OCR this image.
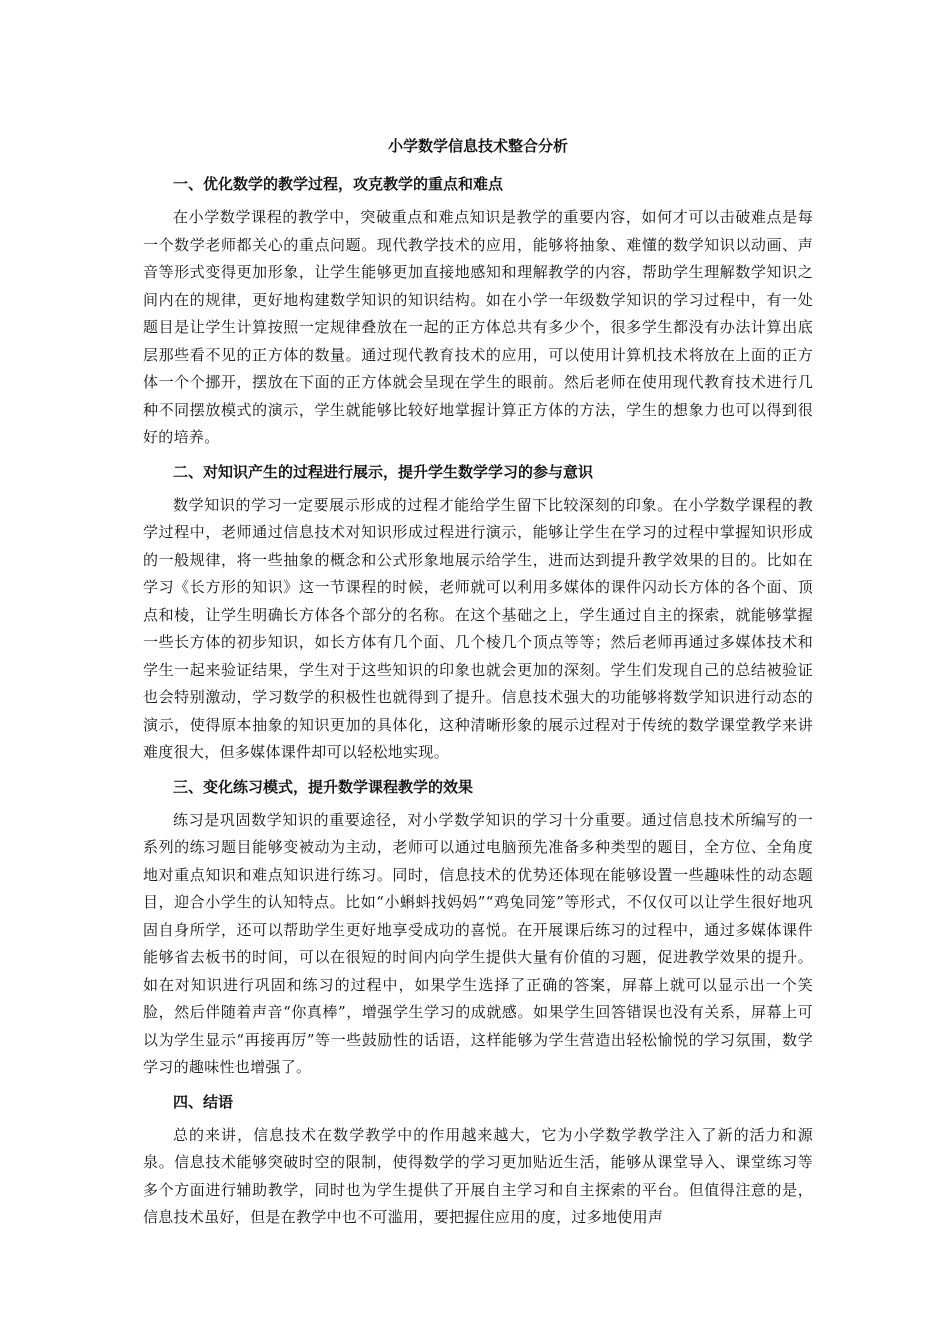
小学数学信息技术整合分析
一、优化数学的教学过程，攻克教学的重点和难点
在小学数学课程的教学中，突破重点和难点知识是教学的重要内容，如何才可以击破难点是每一个数学老师都关心的重点问题。现代教学技术的应用，能够将抽象、难懂的数学知识以动画、声音等形式变得更加形象，让学生能够更加直接地感知和理解教学的内容，帮助学生理解数学知识之间内在的规律，更好地构建数学知识的知识结构。如在小学一年级数学知识的学习过程中，有一处题目是让学生计算按照一定规律叠放在一起的正方体总共有多少个，很多学生都没有办法计算出底层那些看不见的正方体的数量。通过现代教育技术的应用，可以使用计算机技术将放在上面的正方体一个个挪开，摆放在下面的正方体就会呈现在学生的眼前。然后老师在使用现代教育技术进行几种不同摆放模式的演示，学生就能够比较好地掌握计算正方体的方法，学生的想象力也可以得到很好的培养。
二、对知识产生的过程进行展示，提升学生数学学习的参与意识
数学知识的学习一定要展示形成的过程才能给学生留下比较深刻的印象。在小学数学课程的教学过程中，老师通过信息技术对知识形成过程进行演示，能够让学生在学习的过程中掌握知识形成的一般规律，将一些抽象的概念和公式形象地展示给学生，进而达到提升教学效果的目的。比如在学习《长方形的知识》这一节课程的时候，老师就可以利用多媒体的课件闪动长方体的各个面、顶点和棱，让学生明确长方体各个部分的名称。在这个基础之上，学生通过自主的探索，就能够掌握一些长方体的初步知识，如长方体有几个面、几个棱几个顶点等等；然后老师再通过多媒体技术和学生一起来验证结果，学生对于这些知识的印象也就会更加的深刻。学生们发现自己的总结被验证也会特别激动，学习数学的积极性也就得到了提升。信息技术强大的功能够将数学知识进行动态的演示，使得原本抽象的知识更加的具体化，这种清晰形象的展示过程对于传统的数学课堂教学来讲难度很大，但多媒体课件却可以轻松地实现。
三、变化练习模式，提升数学课程教学的效果
练习是巩固数学知识的重要途径，对小学数学知识的学习十分重要。通过信息技术所编写的一系列的练习题目能够变被动为主动，老师可以通过电脑预先准备多种类型的题目，全方位、全角度地对重点知识和难点知识进行练习。同时，信息技术的优势还体现在能够设置一些趣味性的动态题目，迎合小学生的认知特点。比如“小蝌蚪找妈妈”“鸡兔同笼”等形式，不仅仅可以让学生很好地巩固自身所学，还可以帮助学生更好地享受成功的喜悦。在开展课后练习的过程中，通过多媒体课件能够省去板书的时间，可以在很短的时间内向学生提供大量有价值的习题，促进教学效果的提升。如在对知识进行巩固和练习的过程中，如果学生选择了正确的答案，屏幕上就可以显示出一个笑脸，然后伴随着声音“你真棒”，增强学生学习的成就感。如果学生回答错误也没有关系，屏幕上可以为学生显示“再接再厉”等一些鼓励性的话语，这样能够为学生营造出轻松愉悦的学习氛围，数学学习的趣味性也增强了。
四、结语
总的来讲，信息技术在数学教学中的作用越来越大，它为小学数学教学注入了新的活力和源泉。信息技术能够突破时空的限制，使得数学的学习更加贴近生活，能够从课堂导入、课堂练习等多个方面进行辅助教学，同时也为学生提供了开展自主学习和自主探索的平台。但值得注意的是，信息技术虽好，但是在教学中也不可滥用，要把握住应用的度，过多地使用声
